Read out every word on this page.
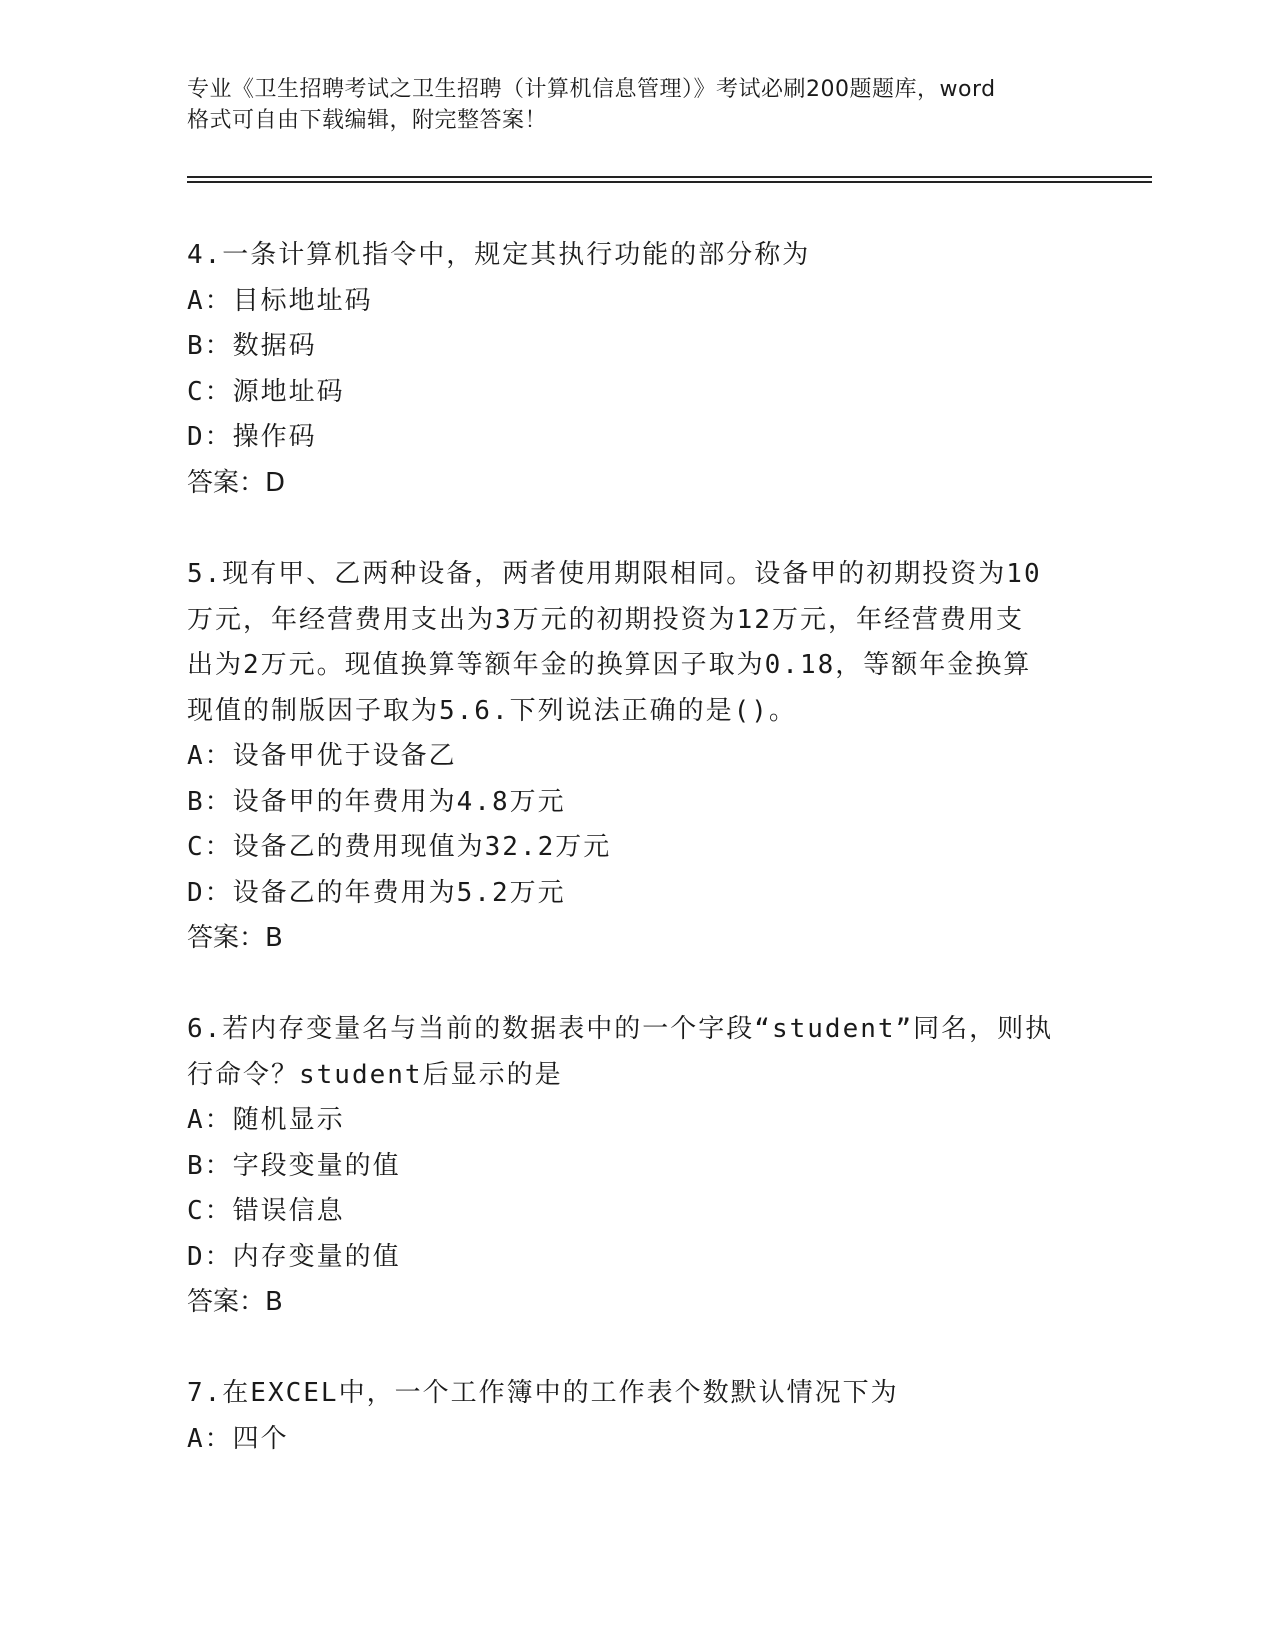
专业《卫生招聘考试之卫生招聘（计算机信息管理）》考试必刷200题题库，word
格式可自由下载编辑，附完整答案！
4.一条计算机指令中，规定其执行功能的部分称为
A：目标地址码
B：数据码
C：源地址码
D：操作码
答案：D
5.现有甲、乙两种设备，两者使用期限相同。设备甲的初期投资为10
万元，年经营费用支出为3万元的初期投资为12万元，年经营费用支
出为2万元。现值换算等额年金的换算因子取为0.18，等额年金换算
现值的制版因子取为5.6.下列说法正确的是()。
A：设备甲优于设备乙
B：设备甲的年费用为4.8万元
C：设备乙的费用现值为32.2万元
D：设备乙的年费用为5.2万元
答案：B
6.若内存变量名与当前的数据表中的一个字段“student”同名，则执
行命令？student后显示的是
A：随机显示
B：字段变量的值
C：错误信息
D：内存变量的值
答案：B
7.在EXCEL中，一个工作簿中的工作表个数默认情况下为
A：四个
